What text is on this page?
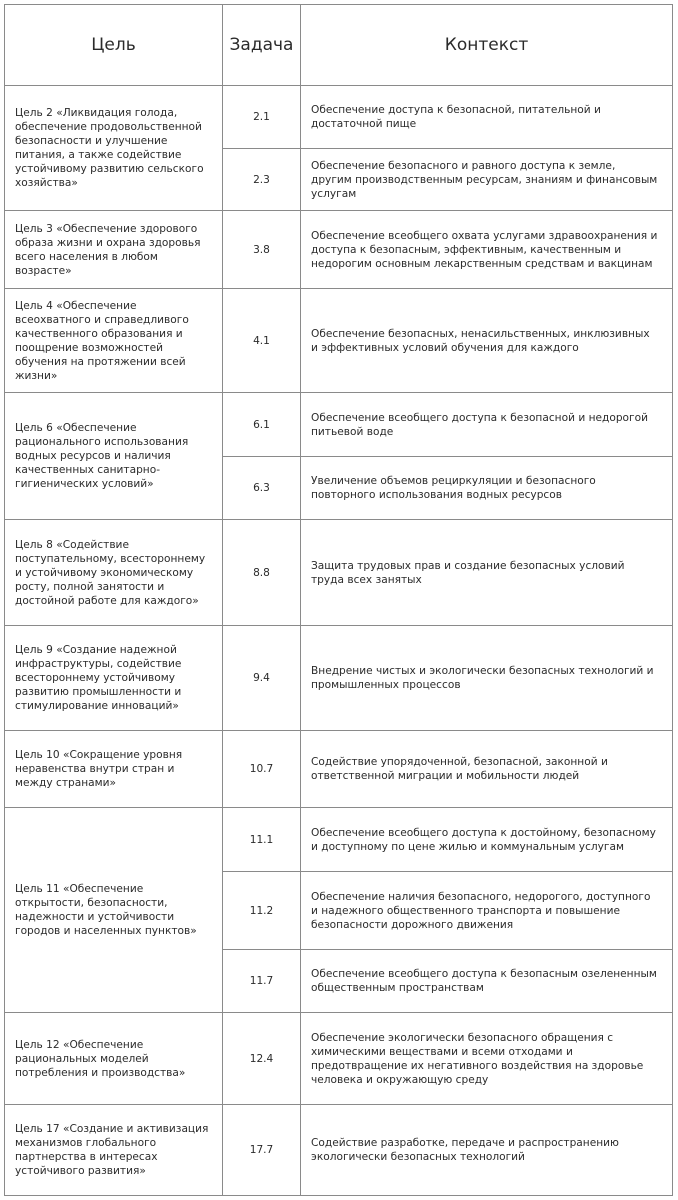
Цель	Задача	Контекст
Цель 2 «Ликвидация голода, обеспечение продовольственной безопасности и улучшение питания, а также содействие устойчивому развитию сельского хозяйства»	2.1	Обеспечение доступа к безопасной, питательной и достаточной пище
	2.3	Обеспечение безопасного и равного доступа к земле, другим производственным ресурсам, знаниям и финансовым услугам
Цель 3 «Обеспечение здорового образа жизни и охрана здоровья всего населения в любом возрасте»	3.8	Обеспечение всеобщего охвата услугами здравоохранения и доступа к безопасным, эффективным, качественным и недорогим основным лекарственным средствам и вакцинам
Цель 4 «Обеспечение всеохватного и справедливого качественного образования и поощрение возможностей обучения на протяжении всей жизни»	4.1	Обеспечение безопасных, ненасильственных, инклюзивных и эффективных условий обучения для каждого
Цель 6 «Обеспечение рационального использования водных ресурсов и наличия качественных санитарно-гигиенических условий»	6.1	Обеспечение всеобщего доступа к безопасной и недорогой питьевой воде
	6.3	Увеличение объемов рециркуляции и безопасного повторного использования водных ресурсов
Цель 8 «Содействие поступательному, всестороннему и устойчивому экономическому росту, полной занятости и достойной работе для каждого»	8.8	Защита трудовых прав и создание безопасных условий труда всех занятых
Цель 9 «Создание надежной инфраструктуры, содействие всестороннему устойчивому развитию промышленности и стимулирование инноваций»	9.4	Внедрение чистых и экологически безопасных технологий и промышленных процессов
Цель 10 «Сокращение уровня неравенства внутри стран и между странами»	10.7	Содействие упорядоченной, безопасной, законной и ответственной миграции и мобильности людей
Цель 11 «Обеспечение открытости, безопасности, надежности и устойчивости городов и населенных пунктов»	11.1	Обеспечение всеобщего доступа к достойному, безопасному и доступному по цене жилью и коммунальным услугам
	11.2	Обеспечение наличия безопасного, недорогого, доступного и надежного общественного транспорта и повышение безопасности дорожного движения
	11.7	Обеспечение всеобщего доступа к безопасным озелененным общественным пространствам
Цель 12 «Обеспечение рациональных моделей потребления и производства»	12.4	Обеспечение экологически безопасного обращения с химическими веществами и всеми отходами и предотвращение их негативного воздействия на здоровье человека и окружающую среду
Цель 17 «Создание и активизация механизмов глобального партнерства в интересах устойчивого развития»	17.7	Содействие разработке, передаче и распространению экологически безопасных технологий
